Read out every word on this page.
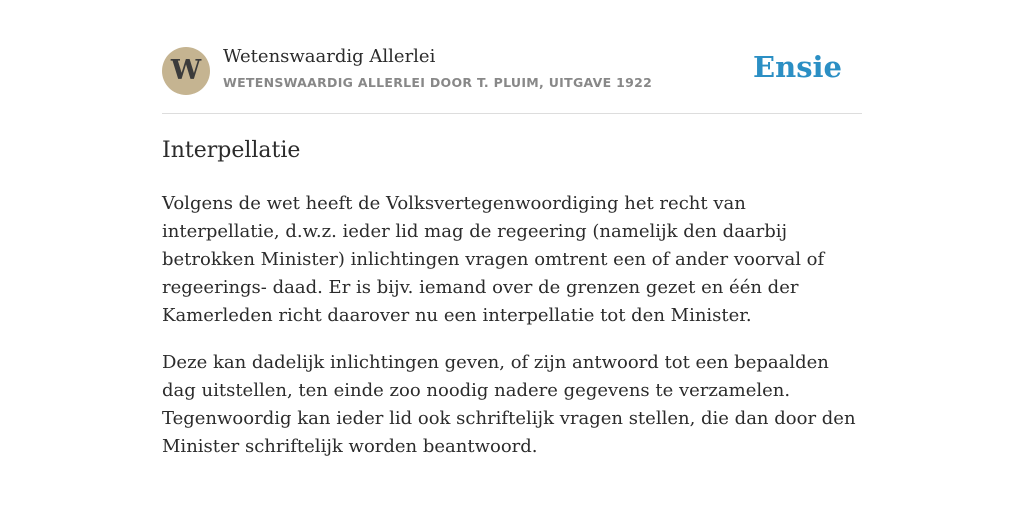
W	Wetenswaardig Allerlei
WETENSWAARDIG ALLERLEI DOOR T. PLUIM, UITGAVE 1922	Ensie
Interpellatie

Volgens de wet heeft de Volksvertegenwoordiging het recht van interpellatie, d.w.z. ieder lid mag de regeering (namelijk den daarbij betrokken Minister) inlichtingen vragen omtrent een of ander voorval of regeerings- daad. Er is bijv. iemand over de grenzen gezet en één der Kamerleden richt daarover nu een interpellatie tot den Minister.

Deze kan dadelijk inlichtingen geven, of zijn antwoord tot een bepaalden dag uitstellen, ten einde zoo noodig nadere gegevens te verzamelen. Tegenwoordig kan ieder lid ook schriftelijk vragen stellen, die dan door den Minister schriftelijk worden beantwoord.
